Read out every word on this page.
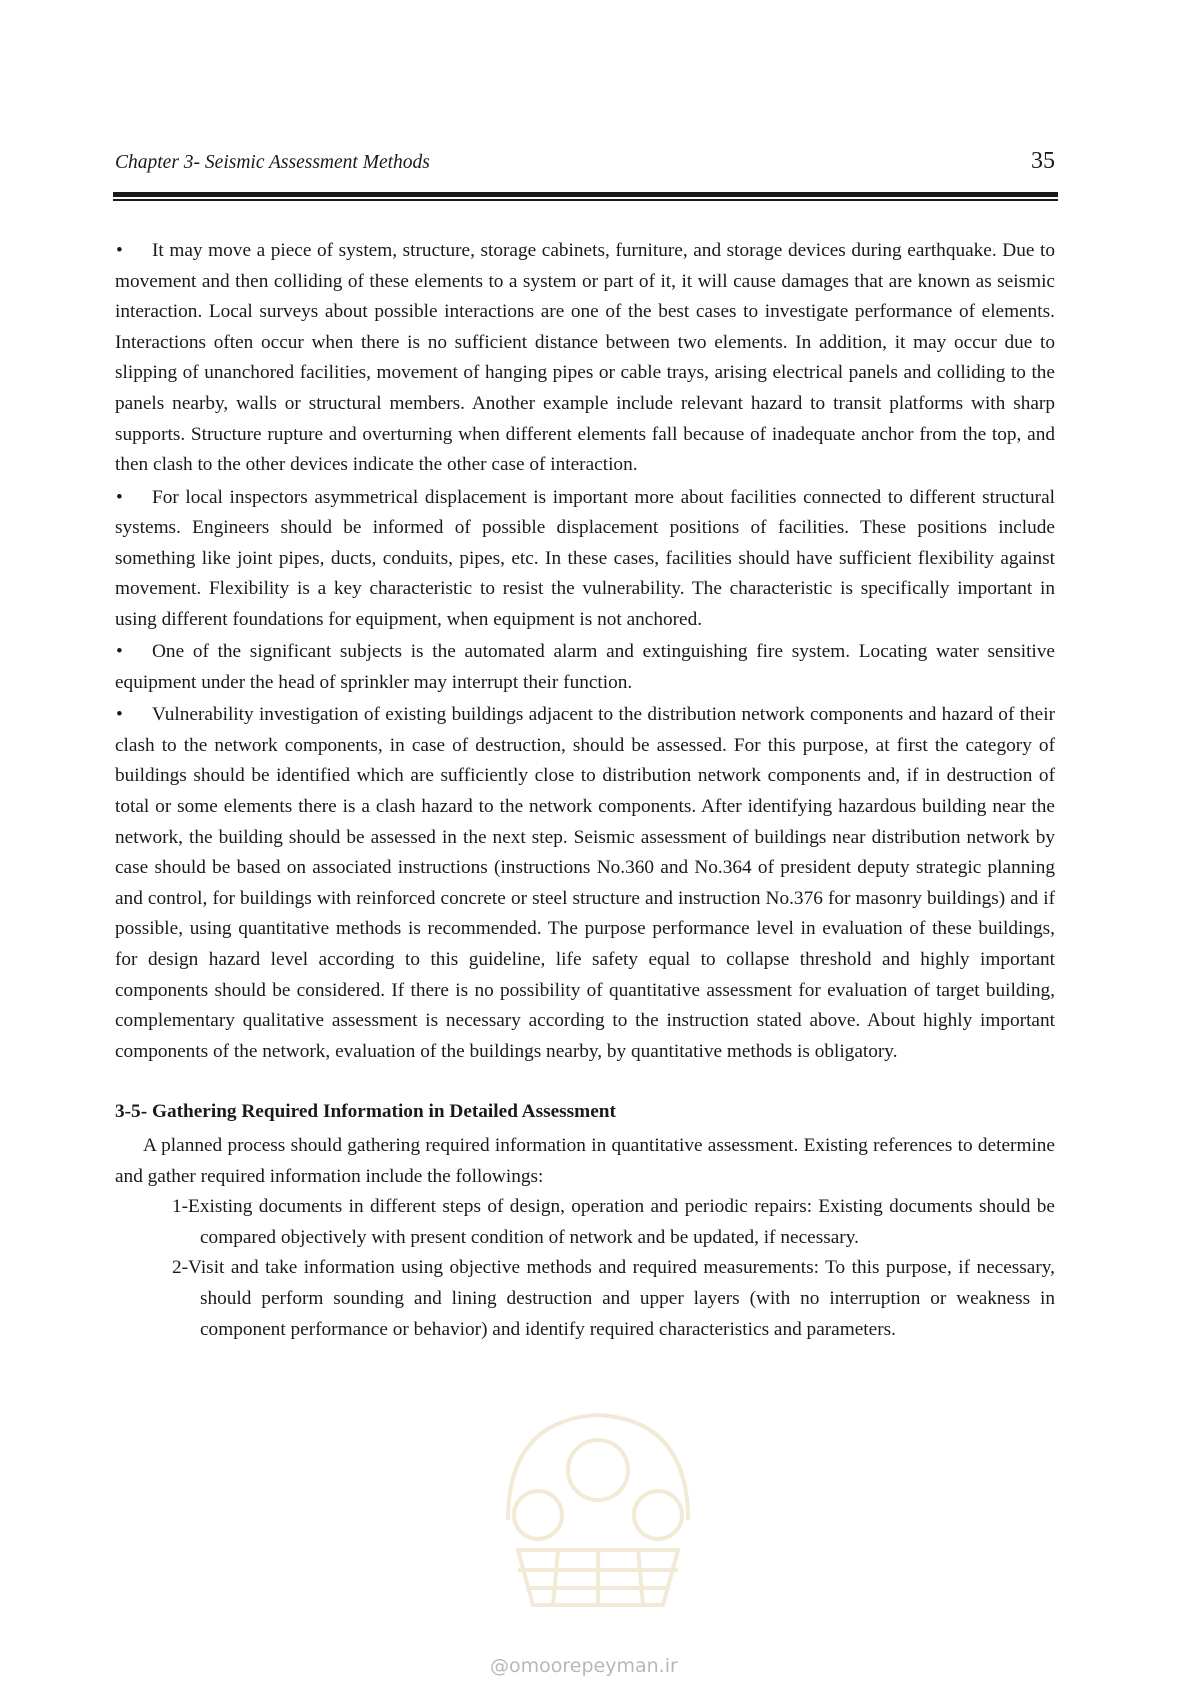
Chapter 3- Seismic Assessment Methods	35

• It may move a piece of system, structure, storage cabinets, furniture, and storage devices during earthquake. Due to movement and then colliding of these elements to a system or part of it, it will cause damages that are known as seismic interaction. Local surveys about possible interactions are one of the best cases to investigate performance of elements. Interactions often occur when there is no sufficient distance between two elements. In addition, it may occur due to slipping of unanchored facilities, movement of hanging pipes or cable trays, arising electrical panels and colliding to the panels nearby, walls or structural members. Another example include relevant hazard to transit platforms with sharp supports. Structure rupture and overturning when different elements fall because of inadequate anchor from the top, and then clash to the other devices indicate the other case of interaction.

• For local inspectors asymmetrical displacement is important more about facilities connected to different structural systems. Engineers should be informed of possible displacement positions of facilities. These positions include something like joint pipes, ducts, conduits, pipes, etc. In these cases, facilities should have sufficient flexibility against movement. Flexibility is a key characteristic to resist the vulnerability. The characteristic is specifically important in using different foundations for equipment, when equipment is not anchored.

• One of the significant subjects is the automated alarm and extinguishing fire system. Locating water sensitive equipment under the head of sprinkler may interrupt their function.

• Vulnerability investigation of existing buildings adjacent to the distribution network components and hazard of their clash to the network components, in case of destruction, should be assessed. For this purpose, at first the category of buildings should be identified which are sufficiently close to distribution network components and, if in destruction of total or some elements there is a clash hazard to the network components. After identifying hazardous building near the network, the building should be assessed in the next step. Seismic assessment of buildings near distribution network by case should be based on associated instructions (instructions No.360 and No.364 of president deputy strategic planning and control, for buildings with reinforced concrete or steel structure and instruction No.376 for masonry buildings) and if possible, using quantitative methods is recommended. The purpose performance level in evaluation of these buildings, for design hazard level according to this guideline, life safety equal to collapse threshold and highly important components should be considered. If there is no possibility of quantitative assessment for evaluation of target building, complementary qualitative assessment is necessary according to the instruction stated above. About highly important components of the network, evaluation of the buildings nearby, by quantitative methods is obligatory.

3-5- Gathering Required Information in Detailed Assessment

A planned process should gathering required information in quantitative assessment. Existing references to determine and gather required information include the followings:

1-Existing documents in different steps of design, operation and periodic repairs: Existing documents should be compared objectively with present condition of network and be updated, if necessary.

2-Visit and take information using objective methods and required measurements: To this purpose, if necessary, should perform sounding and lining destruction and upper layers (with no interruption or weakness in component performance or behavior) and identify required characteristics and parameters.

@omoorepeyman.ir
